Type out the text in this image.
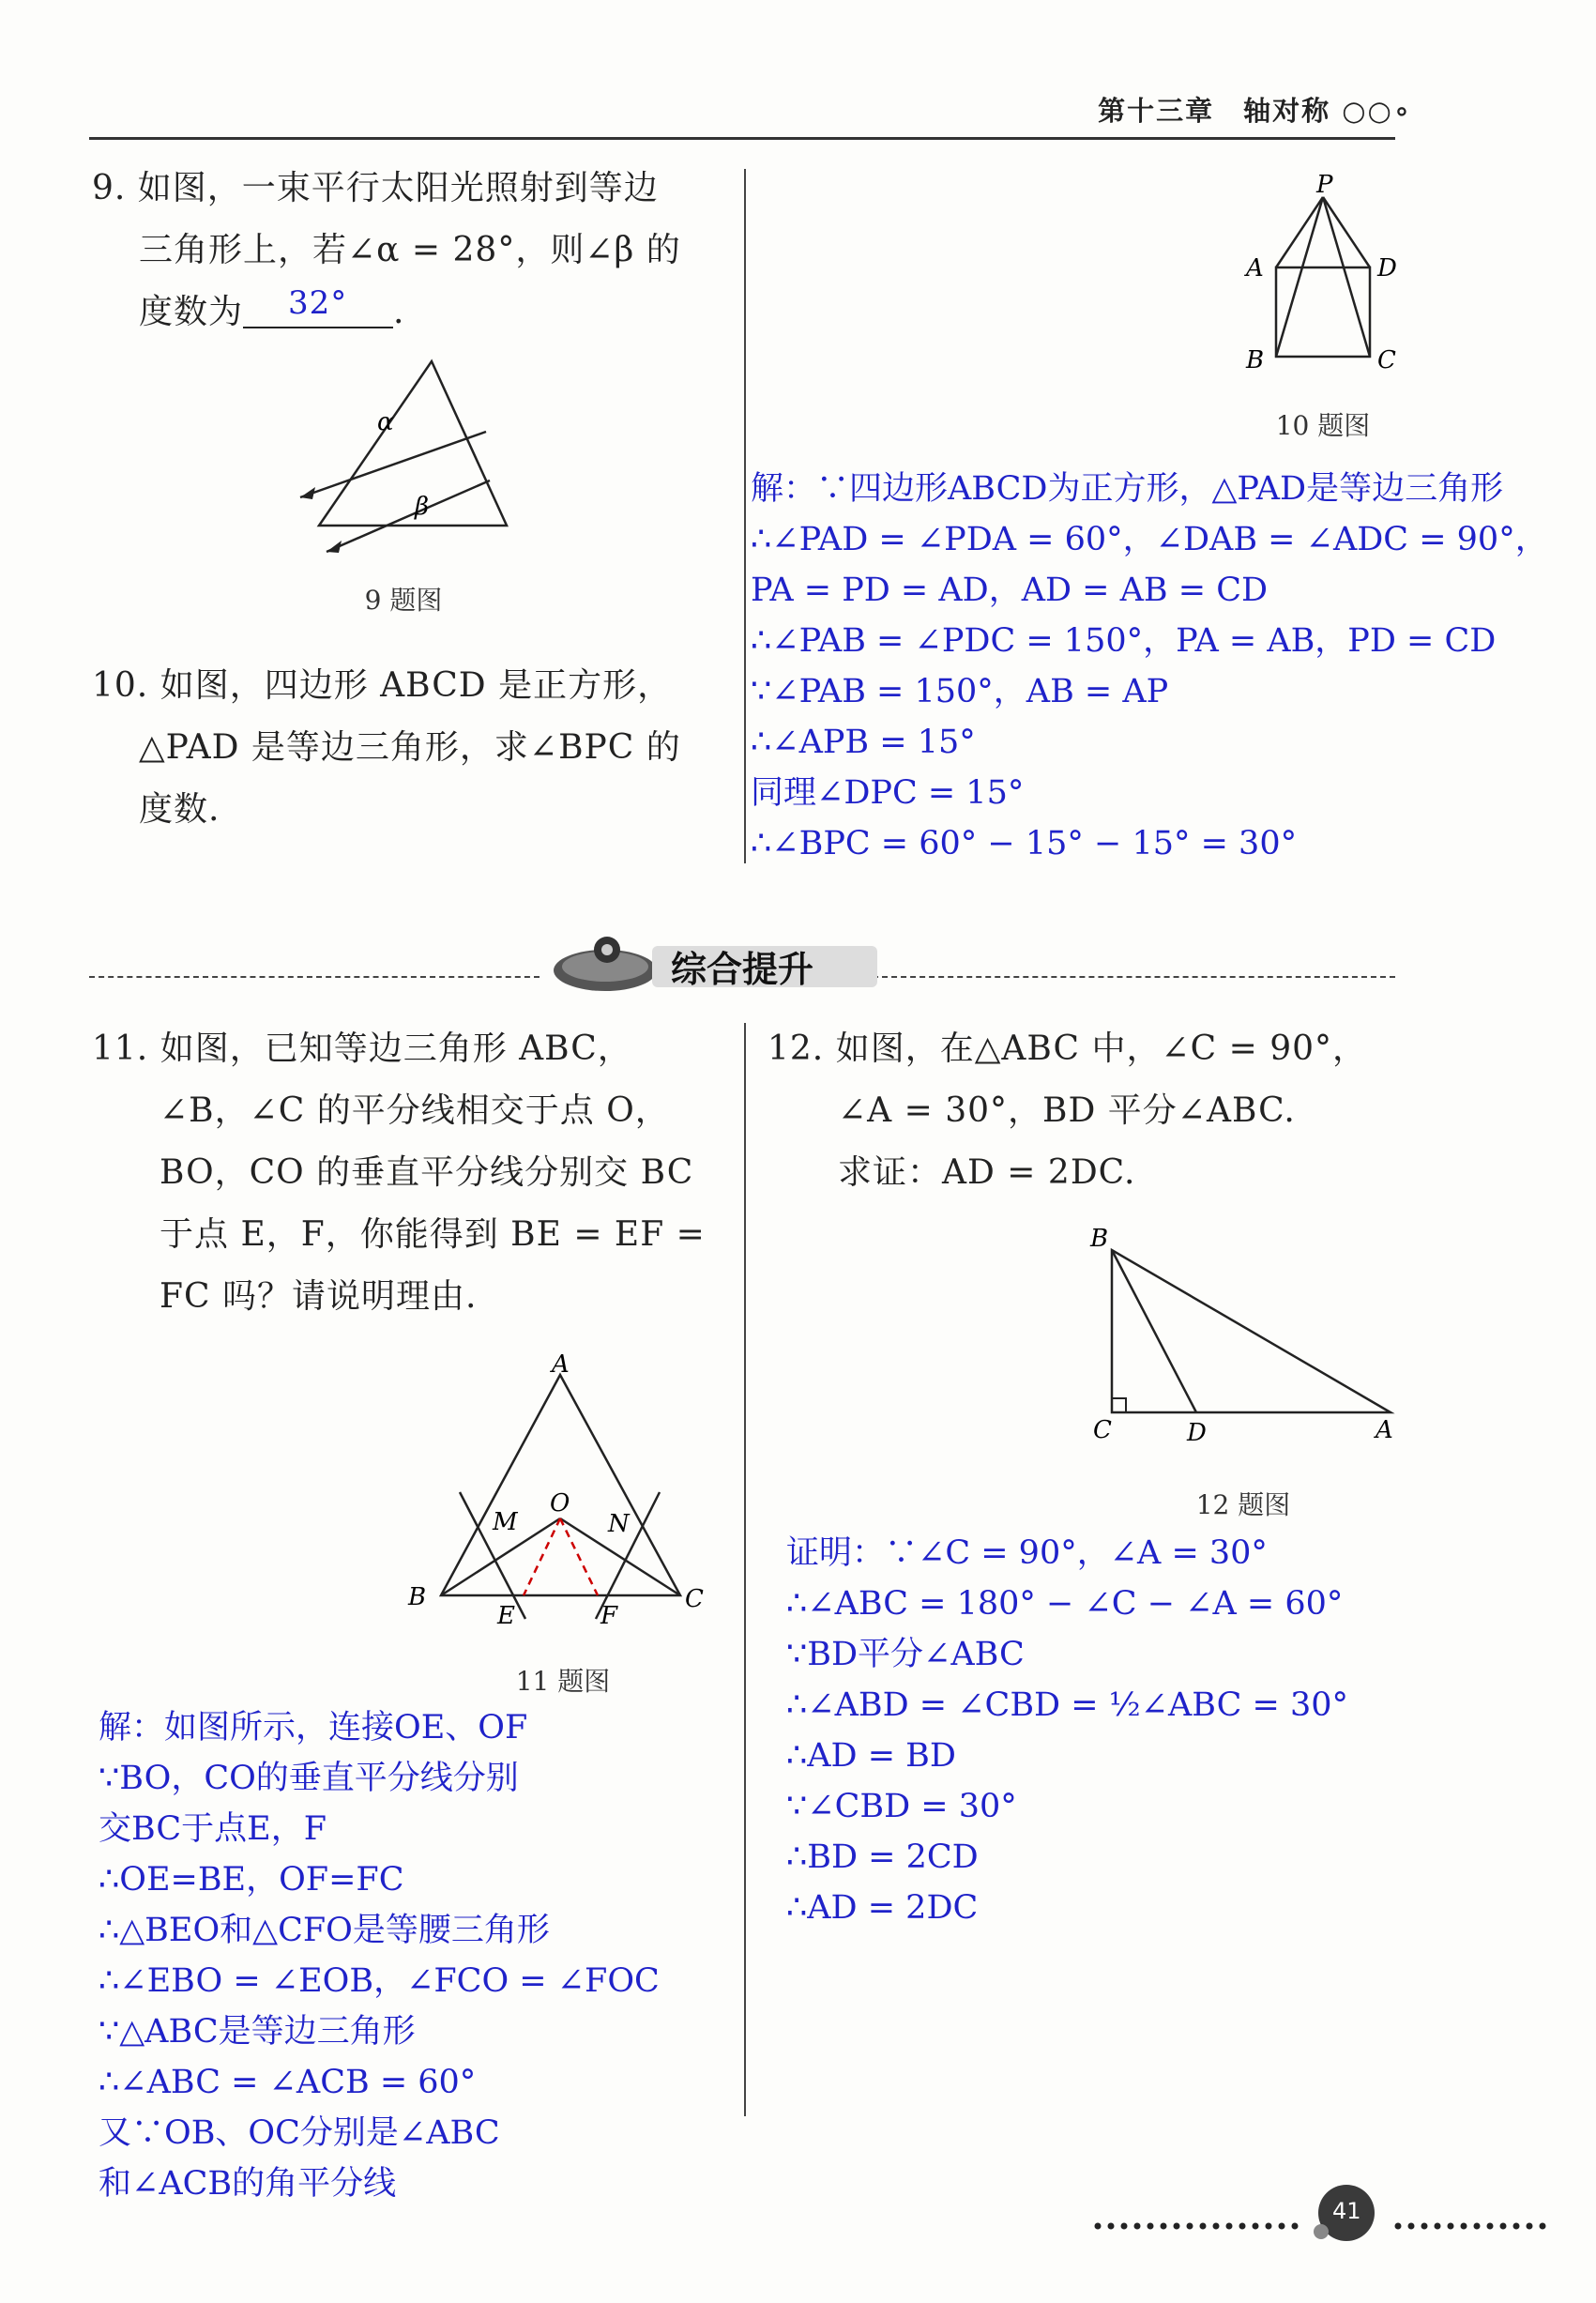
第十三章　轴对称 ○○∘
9. 如图，一束平行太阳光照射到等边
三角形上，若∠α = 28°，则∠β 的
度数为 32° .
α
β
9 题图
10. 如图，四边形 ABCD 是正方形，
△PAD 是等边三角形，求∠BPC 的
度数.
P
A	D
B	C
10 题图
解：∵四边形ABCD为正方形，△PAD是等边三角形
∴∠PAD = ∠PDA = 60°，∠DAB = ∠ADC = 90°，
PA = PD = AD，AD = AB = CD
∴∠PAB = ∠PDC = 150°，PA = AB，PD = CD
∵∠PAB = 150°，AB = AP
∴∠APB = 15°
同理∠DPC = 15°
∴∠BPC = 60° − 15° − 15° = 30°
综合提升
11. 如图，已知等边三角形 ABC，
∠B，∠C 的平分线相交于点 O，
BO，CO 的垂直平分线分别交 BC
于点 E，F，你能得到 BE = EF =
FC 吗？请说明理由.
A
B	C
O
M	N
E	F
11 题图
解：如图所示，连接OE、OF
∵BO，CO的垂直平分线分别
交BC于点E，F
∴OE=BE，OF=FC
∴△BEO和△CFO是等腰三角形
∴∠EBO = ∠EOB，∠FCO = ∠FOC
∵△ABC是等边三角形
∴∠ABC = ∠ACB = 60°
又∵OB、OC分别是∠ABC
和∠ACB的角平分线
12. 如图，在△ABC 中，∠C = 90°，
∠A = 30°，BD 平分∠ABC.
求证：AD = 2DC.
B
C	D	A
12 题图
证明：∵∠C = 90°，∠A = 30°
∴∠ABC = 180° − ∠C − ∠A = 60°
∵BD平分∠ABC
∴∠ABD = ∠CBD = ½∠ABC = 30°
∴AD = BD
∵∠CBD = 30°
∴BD = 2CD
∴AD = 2DC
41
